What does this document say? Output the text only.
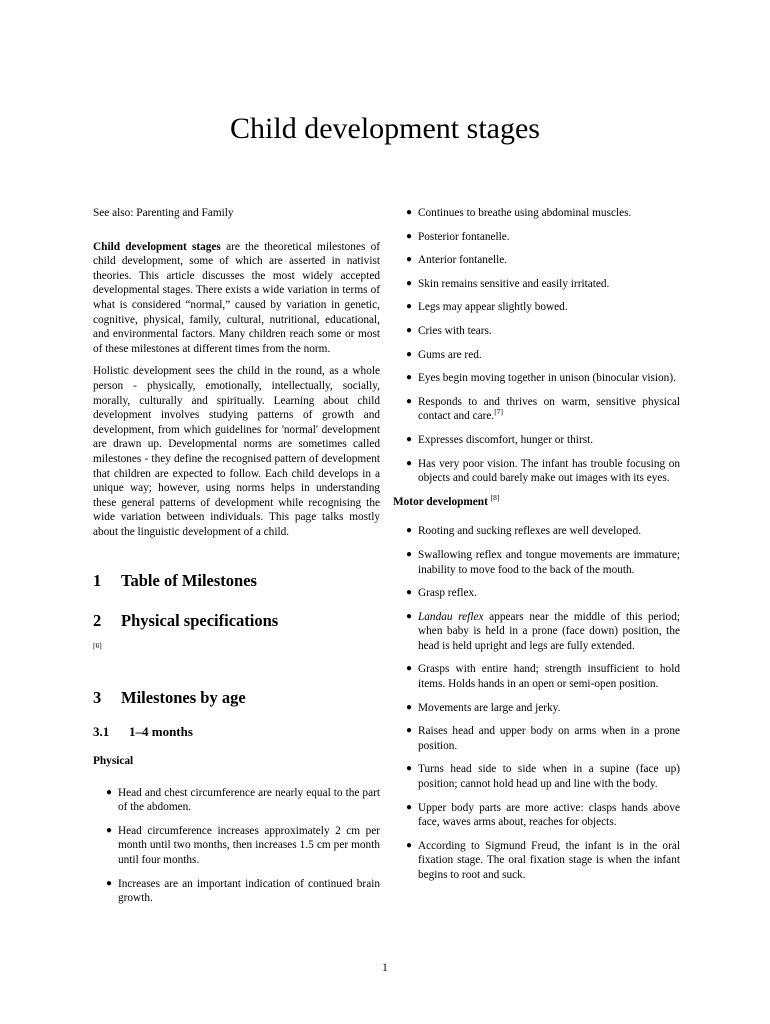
Child development stages

See also: Parenting and Family

Child development stages are the theoretical milestones of child development, some of which are asserted in nativist theories. This article discusses the most widely accepted developmental stages. There exists a wide variation in terms of what is considered “normal,” caused by variation in genetic, cognitive, physical, family, cultural, nutritional, educational, and environmental factors. Many children reach some or most of these milestones at different times from the norm.

Holistic development sees the child in the round, as a whole person - physically, emotionally, intellectually, socially, morally, culturally and spiritually. Learning about child development involves studying patterns of growth and development, from which guidelines for 'normal' development are drawn up. Developmental norms are sometimes called milestones - they define the recognised pattern of development that children are expected to follow. Each child develops in a unique way; however, using norms helps in understanding these general patterns of development while recognising the wide variation between individuals. This page talks mostly about the linguistic development of a child.

1 Table of Milestones

2 Physical specifications

[6]

3 Milestones by age

3.1 1–4 months

Physical

● Head and chest circumference are nearly equal to the part of the abdomen.
● Head circumference increases approximately 2 cm per month until two months, then increases 1.5 cm per month until four months.
● Increases are an important indication of continued brain growth.
● Continues to breathe using abdominal muscles.
● Posterior fontanelle.
● Anterior fontanelle.
● Skin remains sensitive and easily irritated.
● Legs may appear slightly bowed.
● Cries with tears.
● Gums are red.
● Eyes begin moving together in unison (binocular vision).
● Responds to and thrives on warm, sensitive physical contact and care.[7]
● Expresses discomfort, hunger or thirst.
● Has very poor vision. The infant has trouble focusing on objects and could barely make out images with its eyes.

Motor development [8]

● Rooting and sucking reflexes are well developed.
● Swallowing reflex and tongue movements are immature; inability to move food to the back of the mouth.
● Grasp reflex.
● Landau reflex appears near the middle of this period; when baby is held in a prone (face down) position, the head is held upright and legs are fully extended.
● Grasps with entire hand; strength insufficient to hold items. Holds hands in an open or semi-open position.
● Movements are large and jerky.
● Raises head and upper body on arms when in a prone position.
● Turns head side to side when in a supine (face up) position; cannot hold head up and line with the body.
● Upper body parts are more active: clasps hands above face, waves arms about, reaches for objects.
● According to Sigmund Freud, the infant is in the oral fixation stage. The oral fixation stage is when the infant begins to root and suck.
1
